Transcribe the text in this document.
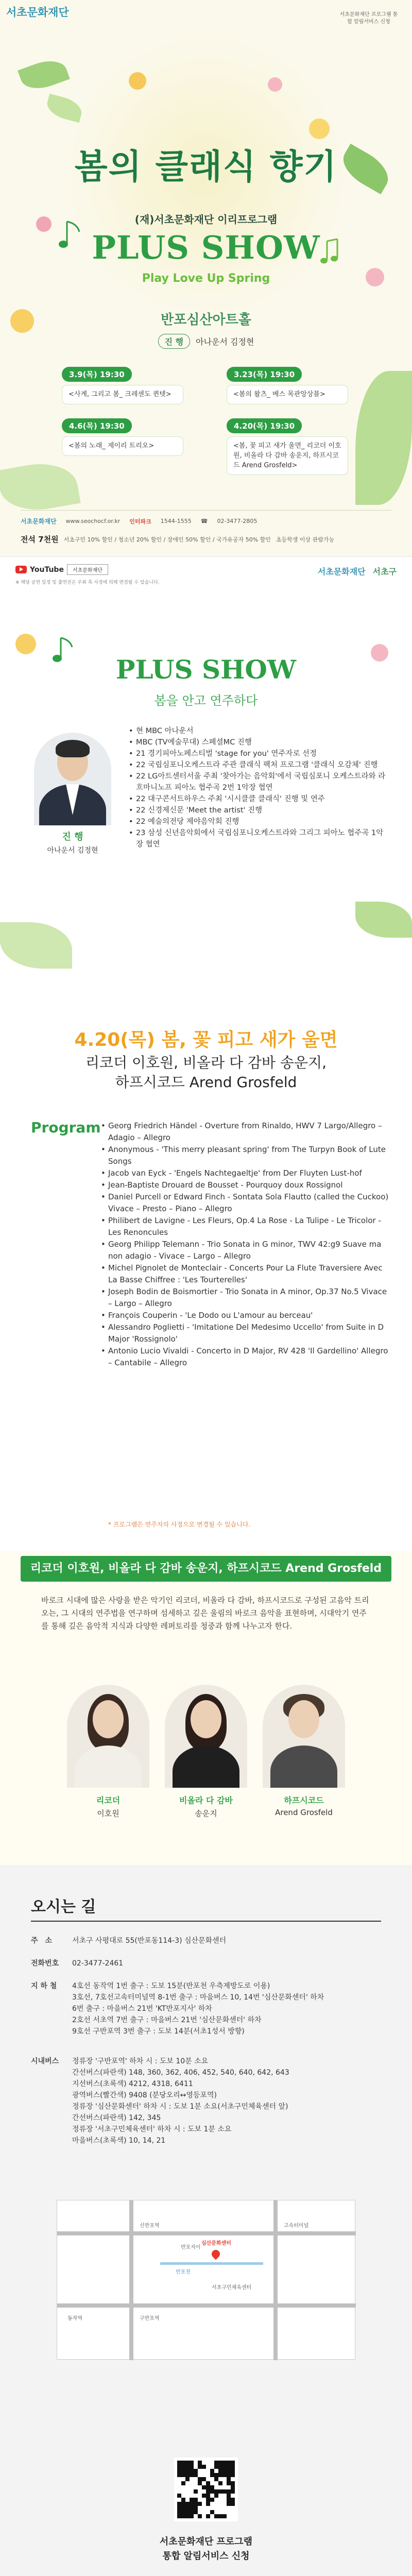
서초문화재단	서초문화재단 프로그램 통합 알림서비스 신청
봄의 클래식 향기
(재)서초문화재단 이리프로그램
PLUS SHOW
Play Love Up Spring
반포심산아트홀
진 행 아나운서 김정현
3.9(목) 19:30
<사계, 그리고 봄_ 크레센도 퀸텟>
3.23(목) 19:30
<봄의 왈츠_ 베스 목관앙상블>
4.6(목) 19:30
<봄의 노래_ 제이리 트리오>
4.20(목) 19:30
<봄, 꽃 피고 새가 울면_ 리코더 이호원, 비올라 다 감바 송운지, 하프시코드 Arend Grosfeld>
서초문화재단 www.seochocf.or.kr 인터파크 1544-1555 ☎ 02-3477-2805
전석 7천원 서초구민 10% 할인 / 청소년 20% 할인 / 장애인 50% 할인 / 국가유공자 50% 할인 초등학생 이상 관람가능
YouTube	서초문화재단
※ 해당 공연 일정 및 출연진은 주최 측 사정에 의해 변경될 수 있습니다.
서초문화재단 서초구
PLUS SHOW
봄을 안고 연주하다
진 행
아나운서 김정현
• 현 MBC 아나운서
• MBC (TV예술무대) 스페셜MC 진행
• 21 경기피아노페스티벌 'stage for you' 연주자로 선정
• 22 국립심포니오케스트라 주관 클래식 팩처 프로그램 '클래식 오감체' 진행
• 22 LG아트센터서울 주최 '찾아가는 음악회'에서 국립심포니 오케스트라와 라흐마니노프 피아노 협주곡 2번 1악장 협연
• 22 대구콘서트하우스 주최 '시시클클 클래식' 진행 및 연주
• 22 신경제신문 'Meet the artist' 진행
• 22 예술의전당 제야음악회 진행
• 23 삼성 신년음악회에서 국립심포니오케스트라와 그리그 피아노 협주곡 1악장 협연
4.20(목) 봄, 꽃 피고 새가 울면
리코더 이호원, 비올라 다 감바 송운지,
하프시코드 Arend Grosfeld
Program
• Georg Friedrich Händel - Overture from Rinaldo, HWV 7 Largo/Allegro – Adagio – Allegro
• Anonymous - 'This merry pleasant spring' from The Turpyn Book of Lute Songs
• Jacob van Eyck - 'Engels Nachtegaeltje' from Der Fluyten Lust-hof
• Jean-Baptiste Drouard de Bousset - Pourquoy doux Rossignol
• Daniel Purcell or Edward Finch - Sontata Sola Flautto (called the Cuckoo) Vivace – Presto – Piano – Allegro
• Philibert de Lavigne - Les Fleurs, Op.4 La Rose - La Tulipe - Le Tricolor - Les Renoncules
• Georg Philipp Telemann - Trio Sonata in G minor, TWV 42:g9 Suave ma non adagio - Vivace – Largo – Allegro
• Michel Pignolet de Monteclair - Concerts Pour La Flute Traversiere Avec La Basse Chiffree : 'Les Tourterelles'
• Joseph Bodin de Boismortier - Trio Sonata in A minor, Op.37 No.5 Vivace – Largo – Allegro
• François Couperin - 'Le Dodo ou L'amour au berceau'
• Alessandro Poglietti - 'Imitatione Del Medesimo Uccello' from Suite in D Major 'Rossignolo'
• Antonio Lucio Vivaldi - Concerto in D Major, RV 428 'Il Gardellino' Allegro – Cantabile – Allegro
* 프로그램은 연주자의 사정으로 변경될 수 있습니다.
리코더 이호원, 비올라 다 감바 송운지, 하프시코드 Arend Grosfeld
바로크 시대에 많은 사랑을 받은 악기인 리코더, 비올라 다 감바, 하프시코드로 구성된 고음악 트리오는, 그 시대의 연주법을 연구하며 섬세하고 깊은 울림의 바로크 음악을 표현하며, 시대악기 연주를 통해 깊은 음악적 지식과 다양한 레퍼토리를 청중과 함께 나누고자 한다.
리코더
이호원
비올라 다 감바
송운지
하프시코드
Arend Grosfeld
오시는 길
주　소	서초구 사평대로 55(반포동114-3) 심산문화센터
전화번호	02-3477-2461
지 하 철	4호선 동작역 1번 출구 : 도보 15분(반포천 우측제방도로 이용)
3호선, 7호선고속터미널역 8-1번 출구 : 마을버스 10, 14번 '심산문화센터' 하차
6번 출구 : 마을버스 21번 'KT반포지사' 하차
2호선 서초역 7번 출구 : 마을버스 21번 '심산문화센터' 하차
9호선 구반포역 3번 출구 : 도보 14분(서초1성서 방향)
시내버스	정류장 '구반포역' 하차 시 : 도보 10분 소요
간선버스(파란색) 148, 360, 362, 406, 452, 540, 640, 642, 643
지선버스(초록색) 4212, 4318, 6411
광역버스(빨간색) 9408 (분당오리↔영등포역)
정류장 '심산문화센터' 하차 시 : 도보 1분 소요(서초구민체육센터 앞)
간선버스(파란색) 142, 345
정류장 '서초구민체육센터' 하차 시 : 도보 1분 소요
마을버스(초록색) 10, 14, 21
신반포역
반포자이
고속터미널
심산문화센터
반포천
서초구민체육센터
구반포역
동작역
서초문화재단 프로그램
통합 알림서비스 신청
